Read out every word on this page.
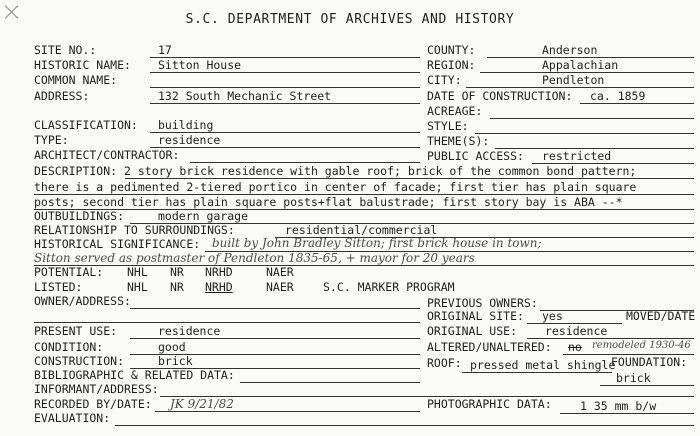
S.C. DEPARTMENT OF ARCHIVES AND HISTORY
SITE NO.:	17
HISTORIC NAME: Sitton House
COMMON NAME:
ADDRESS:	132 South Mechanic Street
CLASSIFICATION: building
TYPE:	residence
ARCHITECT/CONTRACTOR:
COUNTY:	Anderson
REGION:	Appalachian
CITY:	Pendleton
DATE OF CONSTRUCTION: ca. 1859
ACREAGE:
STYLE:
THEME(S):
PUBLIC ACCESS: restricted
DESCRIPTION: 2 story brick residence with gable roof; brick of the common bond pattern;
there is a pedimented 2-tiered portico in center of facade; first tier has plain square
posts; second tier has plain square posts+flat balustrade; first story bay is ABA --*
OUTBUILDINGS:	modern garage
RELATIONSHIP TO SURROUNDINGS:	residential/commercial
HISTORICAL SIGNIFICANCE: built by John Bradley Sitton; first brick house in town;
Sitton served as postmaster of Pendleton 1835-65, + mayor for 20 years
POTENTIAL: NHL NR NRHD	NAER
LISTED:	NHL NR NRHD	NAER	S.C. MARKER PROGRAM
OWNER/ADDRESS:	PREVIOUS OWNERS:
ORIGINAL SITE: yes	MOVED/DATE
PRESENT USE:	residence	ORIGINAL USE: residence
CONDITION:	good	ALTERED/UNALTERED: no remodeled 1930-46
CONSTRUCTION:	brick	ROOF: pressed metal shingle
FOUNDATION:
brick
BIBLIOGRAPHIC & RELATED DATA:
INFORMANT/ADDRESS:
RECORDED BY/DATE: JK 9/21/82	PHOTOGRAPHIC DATA: 1 35 mm b/w
EVALUATION:
